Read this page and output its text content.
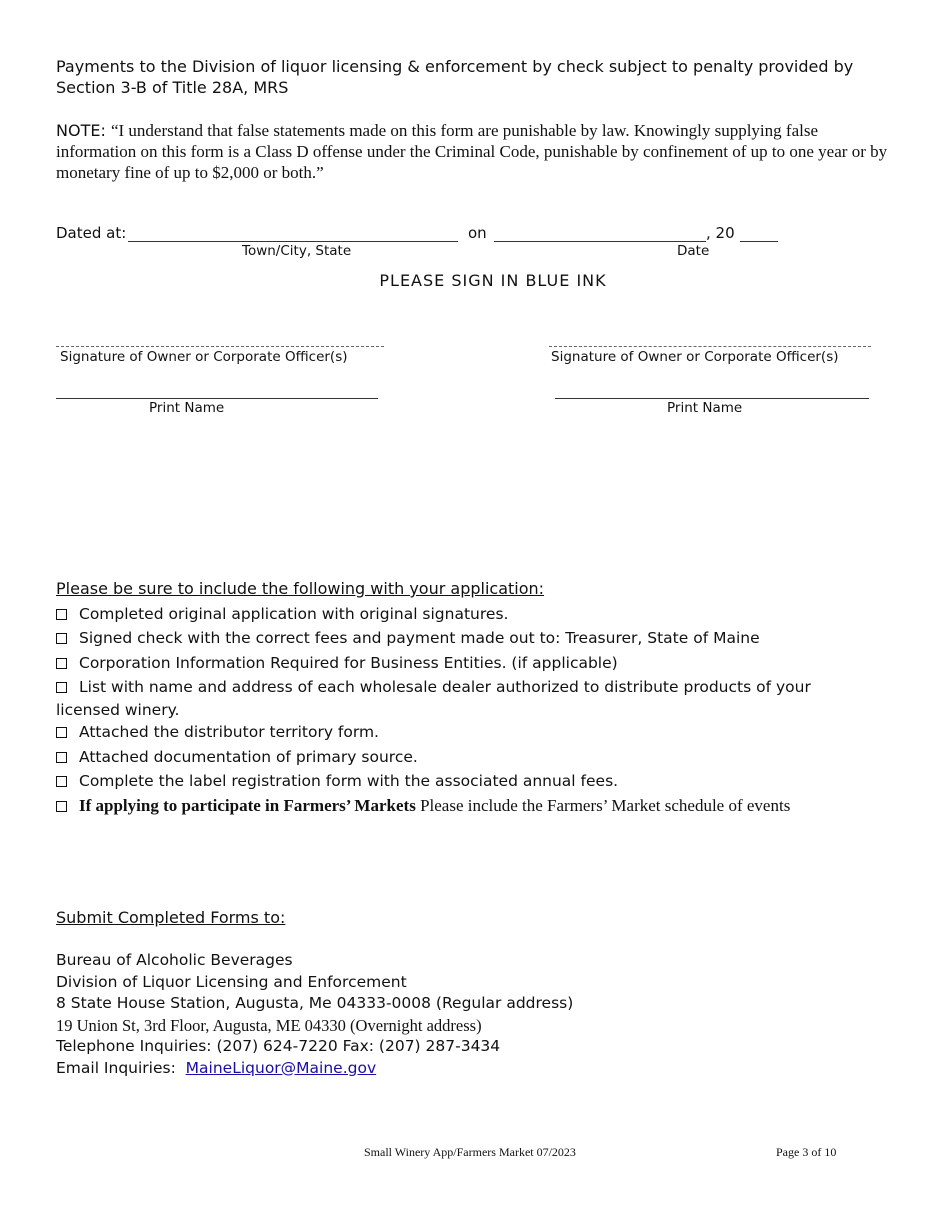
Payments to the Division of liquor licensing & enforcement by check subject to penalty provided by Section 3-B of Title 28A, MRS
NOTE: “I understand that false statements made on this form are punishable by law. Knowingly supplying false information on this form is a Class D offense under the Criminal Code, punishable by confinement of up to one year or by monetary fine of up to $2,000 or both.”
Dated at:	on	, 20
Town/City, State	Date
PLEASE SIGN IN BLUE INK
Signature of Owner or Corporate Officer(s)	Signature of Owner or Corporate Officer(s)
Print Name	Print Name
Please be sure to include the following with your application:
Completed original application with original signatures.
Signed check with the correct fees and payment made out to: Treasurer, State of Maine
Corporation Information Required for Business Entities. (if applicable)
List with name and address of each wholesale dealer authorized to distribute products of your licensed winery.
Attached the distributor territory form.
Attached documentation of primary source.
Complete the label registration form with the associated annual fees.
If applying to participate in Farmers’ Markets Please include the Farmers’ Market schedule of events
Submit Completed Forms to:
Bureau of Alcoholic Beverages
Division of Liquor Licensing and Enforcement
8 State House Station, Augusta, Me 04333-0008 (Regular address)
19 Union St, 3rd Floor, Augusta, ME 04330 (Overnight address)
Telephone Inquiries: (207) 624-7220 Fax: (207) 287-3434
Email Inquiries: MaineLiquor@Maine.gov
Small Winery App/Farmers Market 07/2023	Page 3 of 10
